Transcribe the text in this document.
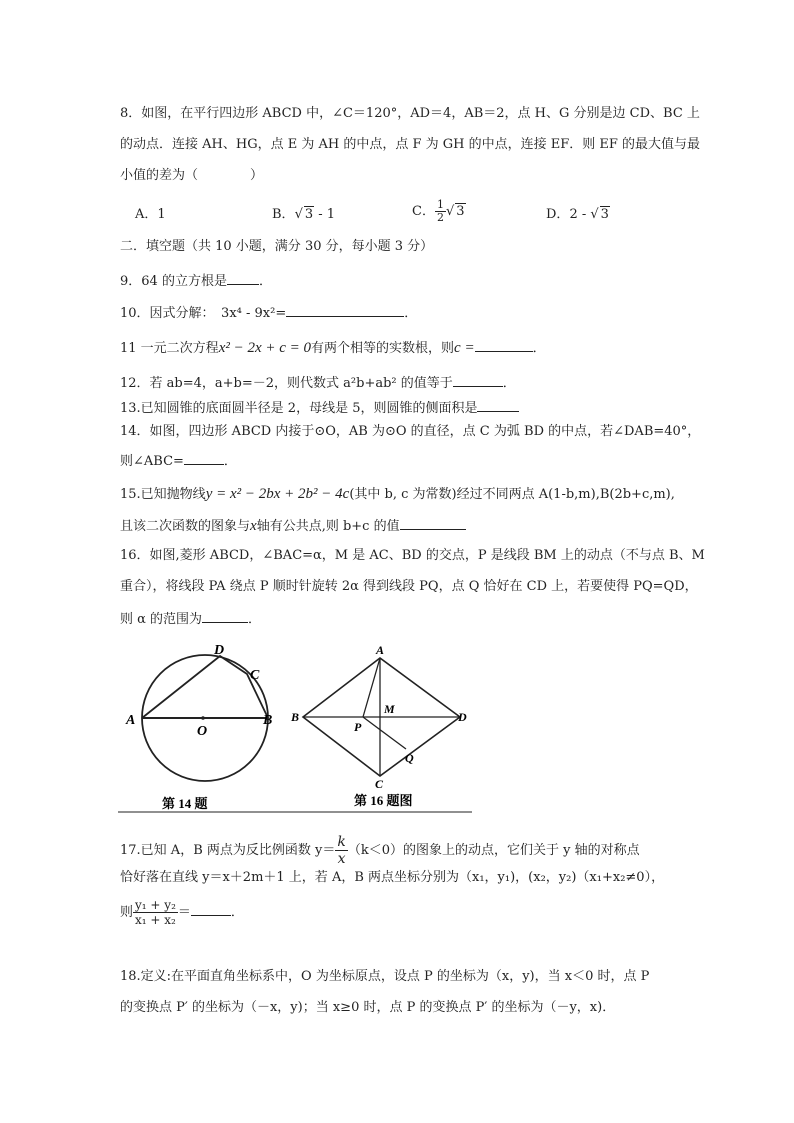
8．如图，在平行四边形 ABCD 中，∠C＝120°，AD＝4，AB＝2，点 H、G 分别是边 CD、BC 上
的动点．连接 AH、HG，点 E 为 AH 的中点，点 F 为 GH 的中点，连接 EF．则 EF 的最大值与最
小值的差为（　　　　）
A．1	B．√ 3 - 1	C． $\frac{1}{2}$ √ 3	D．2 - √ 3
二．填空题（共 10 小题，满分 30 分，每小题 3 分）
9．64 的立方根是 ．
10．因式分解：　3x⁴ - 9x²=	．
11 一元二次方程x² − 2x + c = 0有两个相等的实数根，则c =	．
12．若 ab=4，a+b=－2，则代数式 a²b+ab² 的值等于	．
13.已知圆锥的底面圆半径是 2，母线是 5，则圆锥的侧面积是
14．如图，四边形 ABCD 内接于⊙O，AB 为⊙O 的直径，点 C 为弧 BD 的中点，若∠DAB=40°，
则∠ABC=	．
15.已知抛物线y = x² − 2bx + 2b² − 4c(其中 b, c 为常数)经过不同两点 A(1-b,m),B(2b+c,m),
且该二次函数的图象与x轴有公共点,则 b+c 的值
16．如图,菱形 ABCD，∠BAC=α，M 是 AC、BD 的交点，P 是线段 BM 上的动点（不与点 B、M
重合），将线段 PA 绕点 P 顺时针旋转 2α 得到线段 PQ，点 Q 恰好在 CD 上，若要使得 PQ=QD，
则 α 的范围为	．
A	B
C
D
O
第 14 题
A
B	D
C
M
P
Q
第 16 题图
17.已知 A，B 两点为反比例函数 $y= \frac{k}{x} (k<0)$的图象上的动点，它们关于 y 轴的对称点
恰好落在直线 y＝x＋2m＋1 上，若 A，B 两点坐标分别为（x₁，y₁)，(x₂，y₂)（x₁+x₂≠0），
则 $\frac{\text{y₁ + y₂}}{\text{x₁ + x₂}}$ ＝	．
18.定义:在平面直角坐标系中，O 为坐标原点，设点 P 的坐标为（x，y)，当 x＜0 时，点 P
的变换点 P′ 的坐标为（－x，y)；当 x≥0 时，点 P 的变换点 P′ 的坐标为（－y，x)．
